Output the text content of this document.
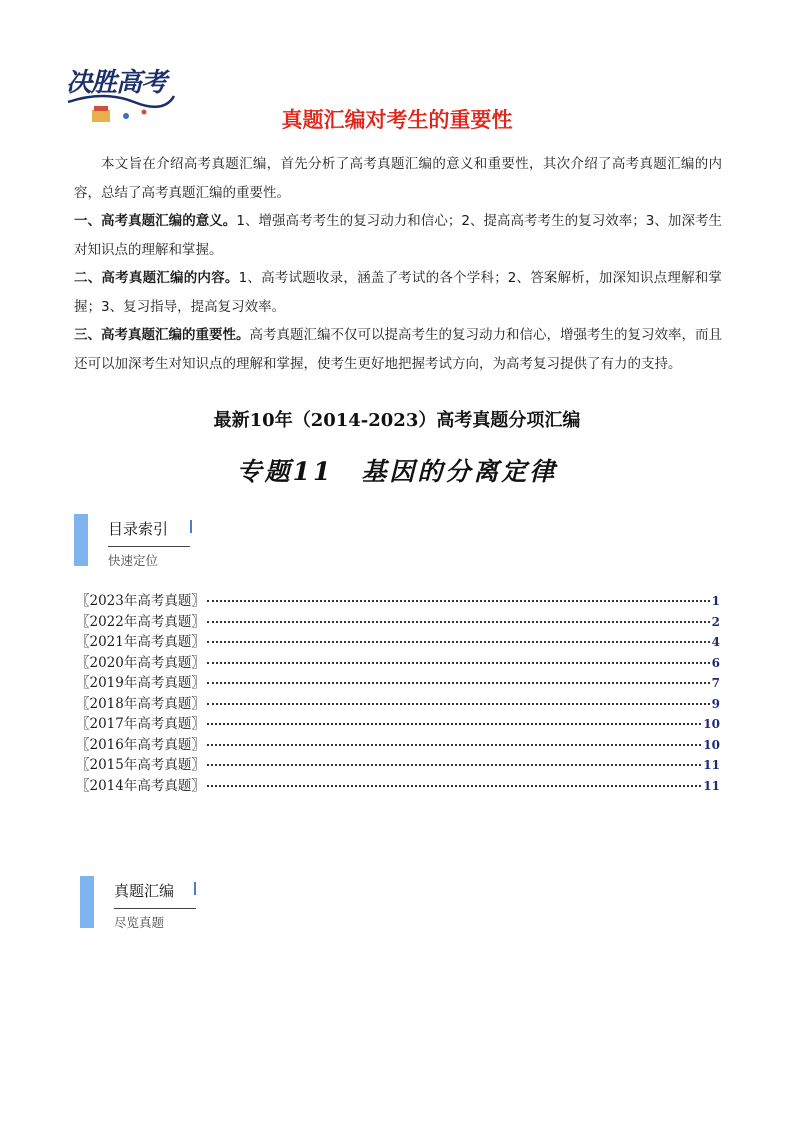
决胜高考
真题汇编对考生的重要性

本文旨在介绍高考真题汇编，首先分析了高考真题汇编的意义和重要性，其次介绍了高考真题汇编的内容，总结了高考真题汇编的重要性。

一、高考真题汇编的意义。1、增强高考考生的复习动力和信心；2、提高高考考生的复习效率；3、加深考生对知识点的理解和掌握。

二、高考真题汇编的内容。1、高考试题收录，涵盖了考试的各个学科；2、答案解析，加深知识点理解和掌握；3、复习指导，提高复习效率。

三、高考真题汇编的重要性。高考真题汇编不仅可以提高考生的复习动力和信心，增强考生的复习效率，而且还可以加深考生对知识点的理解和掌握，使考生更好地把握考试方向，为高考复习提供了有力的支持。

最新10年（2014-2023）高考真题分项汇编
专题11　基因的分离定律
目录索引
快速定位
〖2023年高考真题〗	1
〖2022年高考真题〗	2
〖2021年高考真题〗	4
〖2020年高考真题〗	6
〖2019年高考真题〗	7
〖2018年高考真题〗	9
〖2017年高考真题〗	10
〖2016年高考真题〗	10
〖2015年高考真题〗	11
〖2014年高考真题〗	11
真题汇编
尽览真题
